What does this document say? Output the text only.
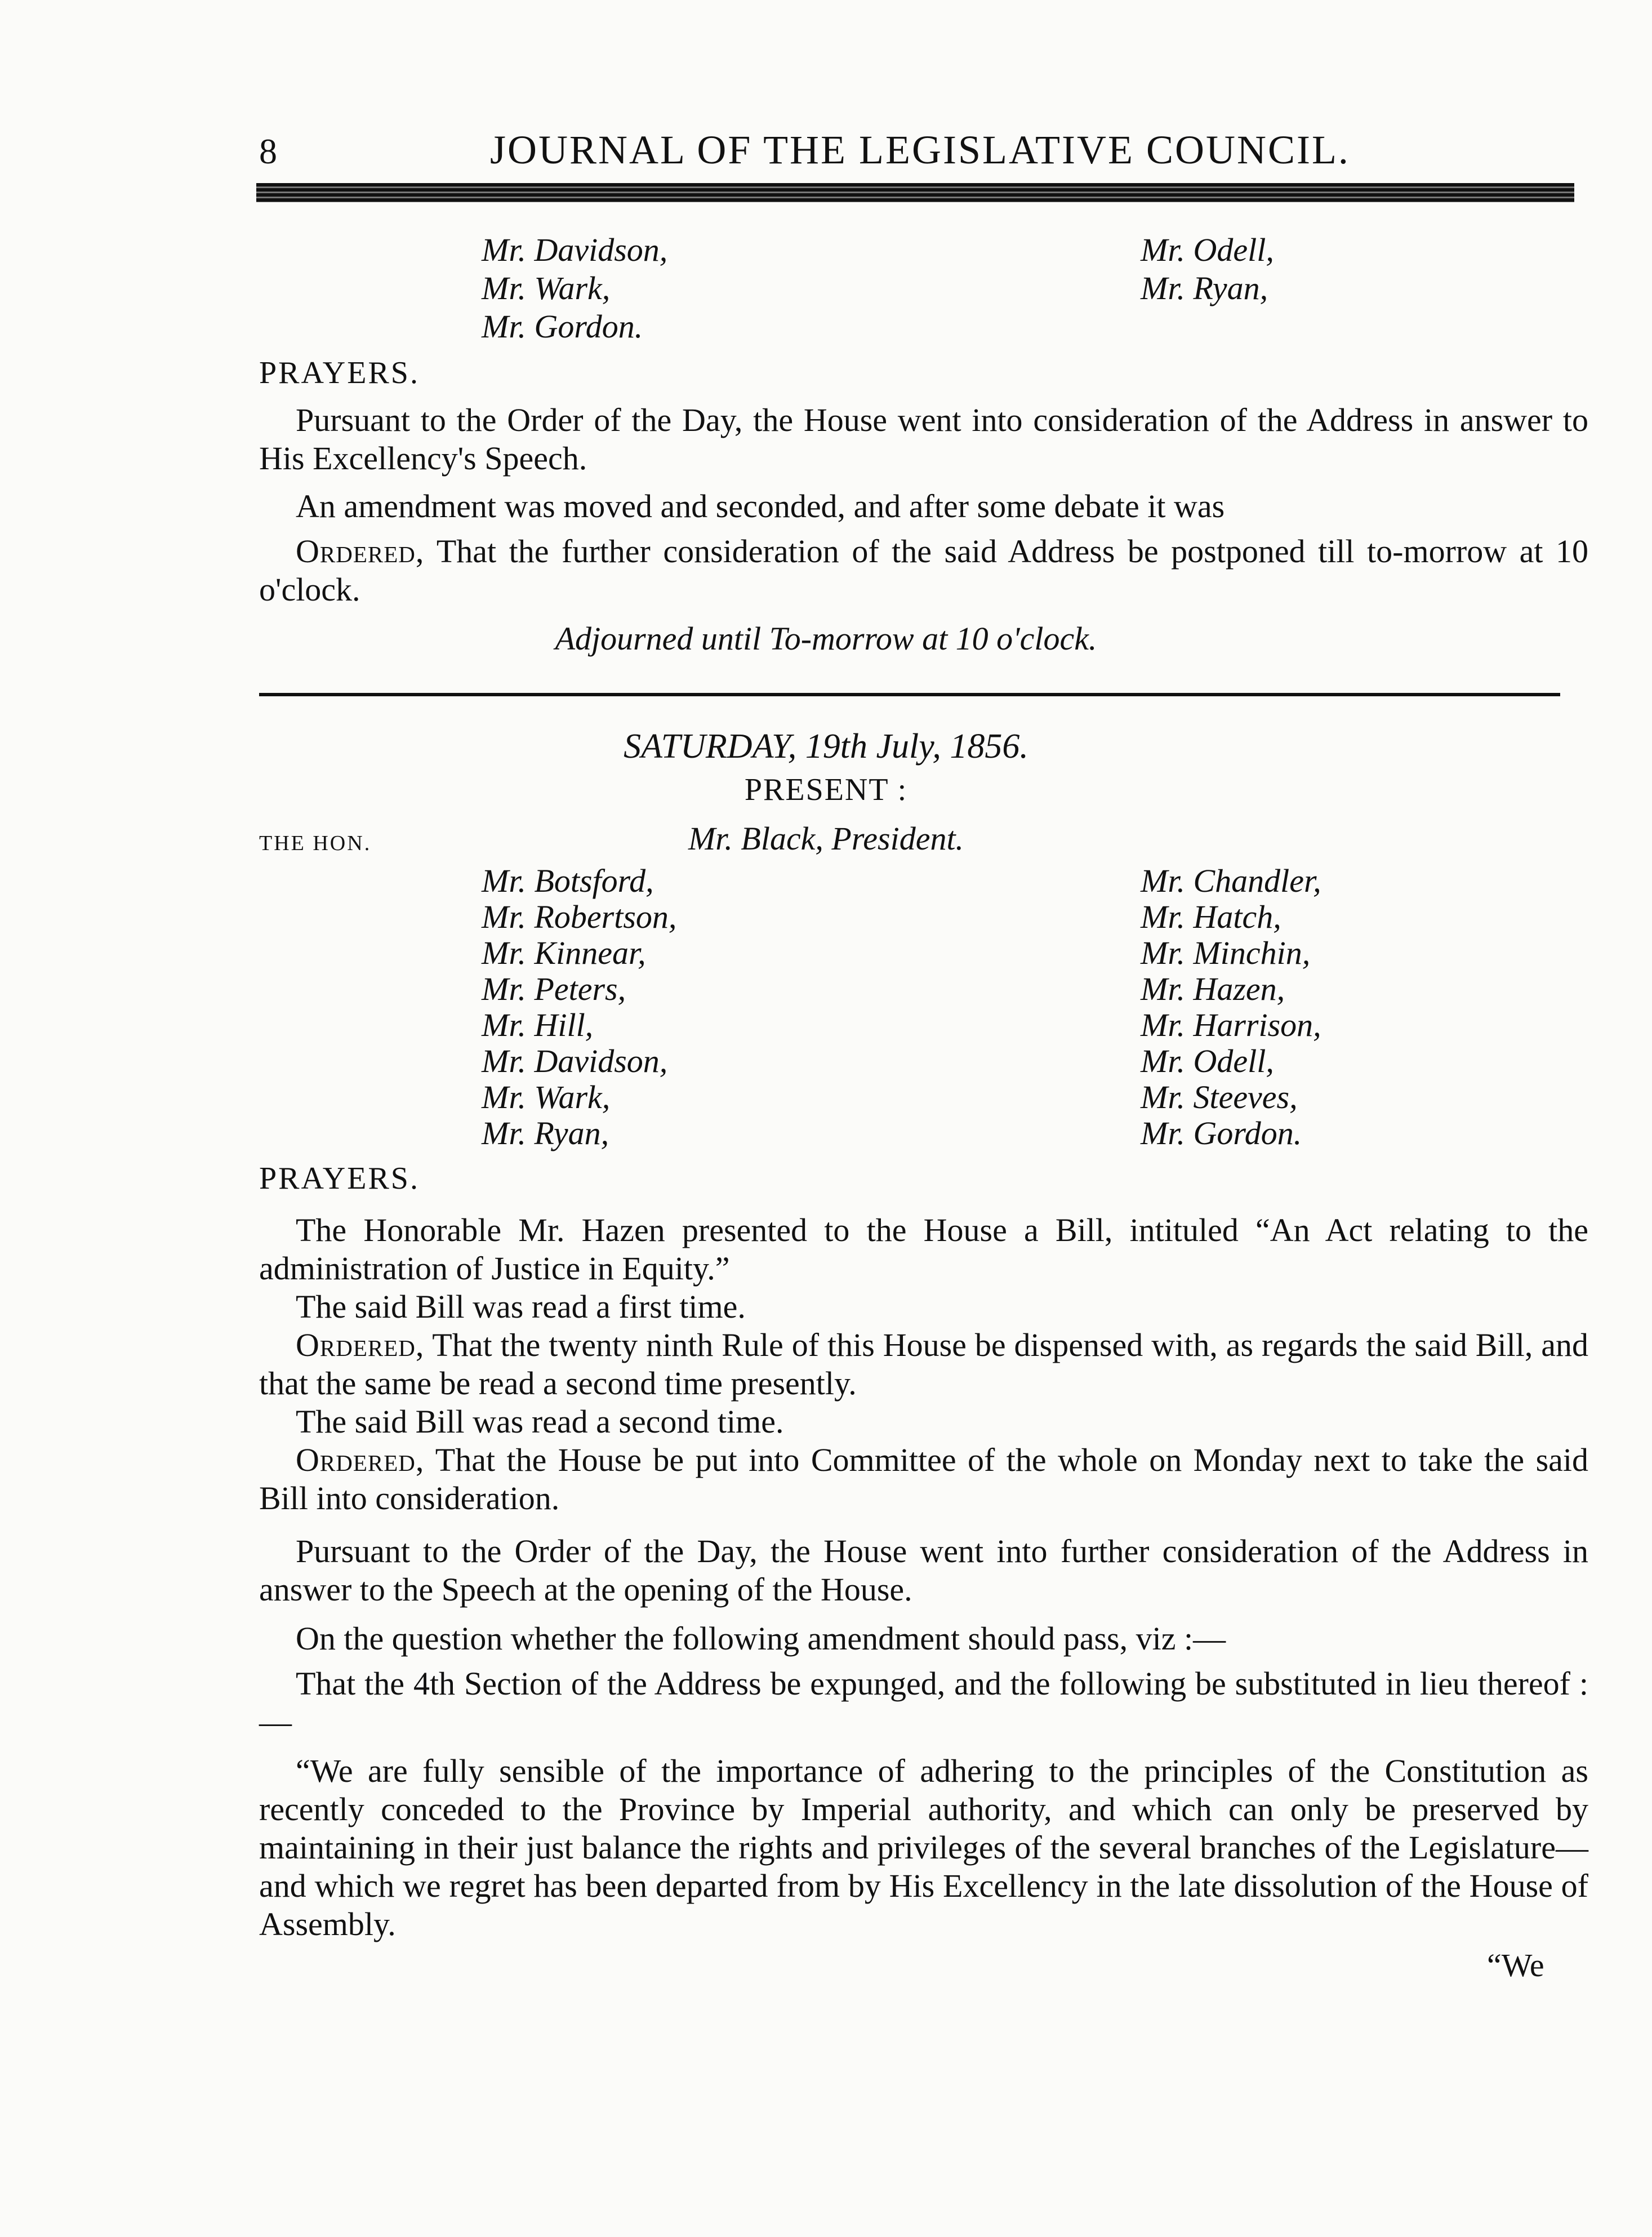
8	JOURNAL OF THE LEGISLATIVE COUNCIL.
Mr. Davidson,
Mr. Wark,
Mr. Gordon.
Mr. Odell,
Mr. Ryan,
PRAYERS.
Pursuant to the Order of the Day, the House went into consideration of the Address in answer to His Excellency's Speech.
An amendment was moved and seconded, and after some debate it was
Ordered, That the further consideration of the said Address be postponed till to-morrow at 10 o'clock.
Adjourned until To-morrow at 10 o'clock.
SATURDAY, 19th July, 1856.
PRESENT :
THE HON.	Mr. Black, President.
Mr. Botsford,
Mr. Robertson,
Mr. Kinnear,
Mr. Peters,
Mr. Hill,
Mr. Davidson,
Mr. Wark,
Mr. Ryan,
Mr. Chandler,
Mr. Hatch,
Mr. Minchin,
Mr. Hazen,
Mr. Harrison,
Mr. Odell,
Mr. Steeves,
Mr. Gordon.
PRAYERS.
The Honorable Mr. Hazen presented to the House a Bill, intituled “An Act relating to the administration of Justice in Equity.”
The said Bill was read a first time.
Ordered, That the twenty ninth Rule of this House be dispensed with, as regards the said Bill, and that the same be read a second time presently.
The said Bill was read a second time.
Ordered, That the House be put into Committee of the whole on Monday next to take the said Bill into consideration.
Pursuant to the Order of the Day, the House went into further consideration of the Address in answer to the Speech at the opening of the House.
On the question whether the following amendment should pass, viz :—
That the 4th Section of the Address be expunged, and the following be substituted in lieu thereof :—
“We are fully sensible of the importance of adhering to the principles of the Constitution as recently conceded to the Province by Imperial authority, and which can only be preserved by maintaining in their just balance the rights and privileges of the several branches of the Legislature—and which we regret has been departed from by His Excellency in the late dissolution of the House of Assembly.
“We
